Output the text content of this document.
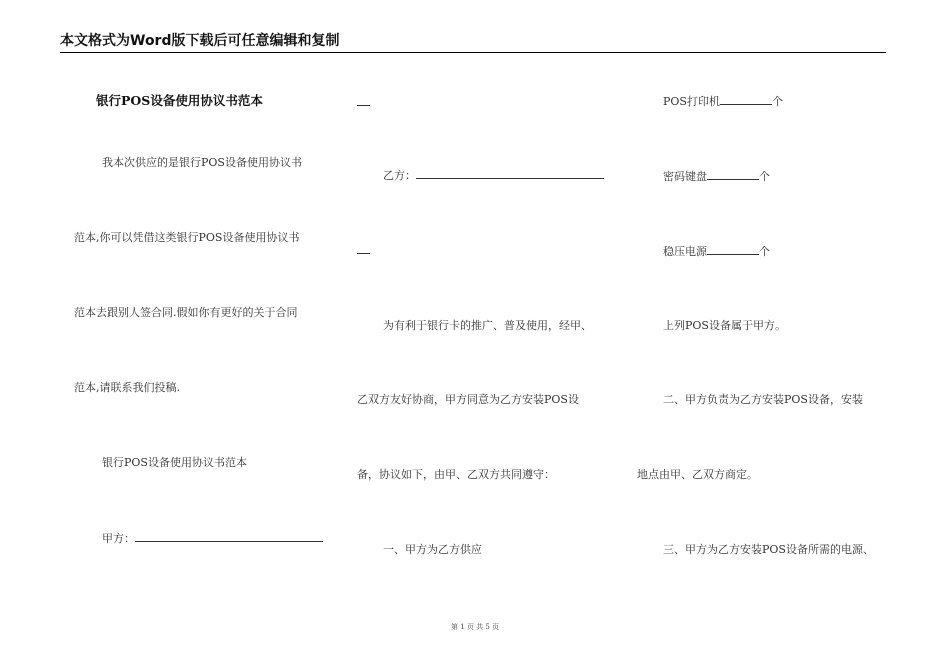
本文格式为Word版下载后可任意编辑和复制
银行POS设备使用协议书范本
我本次供应的是银行POS设备使用协议书
范本,你可以凭借这类银行POS设备使用协议书
范本去跟别人签合同.假如你有更好的关于合同
范本,请联系我们投稿.
银行POS设备使用协议书范本
甲方：
乙方：
为有利于银行卡的推广、普及使用，经甲、
乙双方友好协商，甲方同意为乙方安装POS设
备，协议如下，由甲、乙双方共同遵守：
一、甲方为乙方供应
POS打印机	个
密码键盘	个
稳压电源	个
上列POS设备属于甲方。
二、甲方负责为乙方安装POS设备，安装
地点由甲、乙双方商定。
三、甲方为乙方安装POS设备所需的电源、
第 1 页 共 5 页
